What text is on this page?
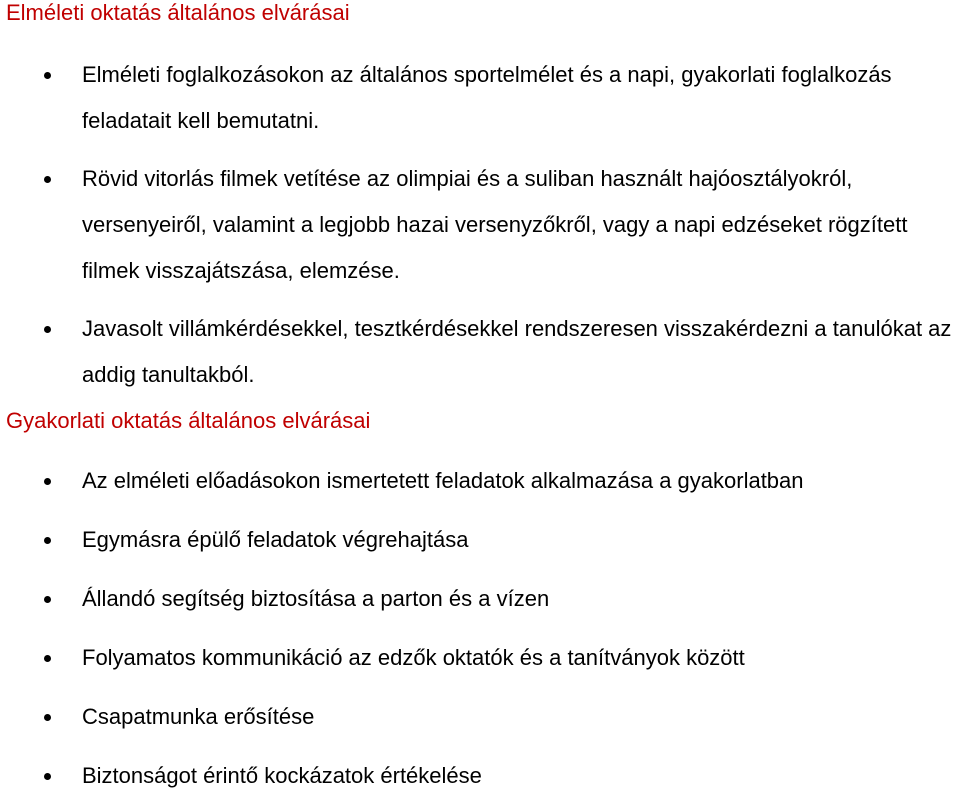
Elméleti oktatás általános elvárásai
Elméleti foglalkozásokon az általános sportelmélet és a napi, gyakorlati foglalkozás feladatait kell bemutatni.
Rövid vitorlás filmek vetítése az olimpiai és a suliban használt hajóosztályokról, versenyeiről, valamint a legjobb hazai versenyzőkről, vagy a napi edzéseket rögzített filmek visszajátszása, elemzése.
Javasolt villámkérdésekkel, tesztkérdésekkel rendszeresen visszakérdezni a tanulókat az addig tanultakból.
Gyakorlati oktatás általános elvárásai
Az elméleti előadásokon ismertetett feladatok alkalmazása a gyakorlatban
Egymásra épülő feladatok végrehajtása
Állandó segítség biztosítása a parton és a vízen
Folyamatos kommunikáció az edzők oktatók és a tanítványok között
Csapatmunka erősítése
Biztonságot érintő kockázatok értékelése
